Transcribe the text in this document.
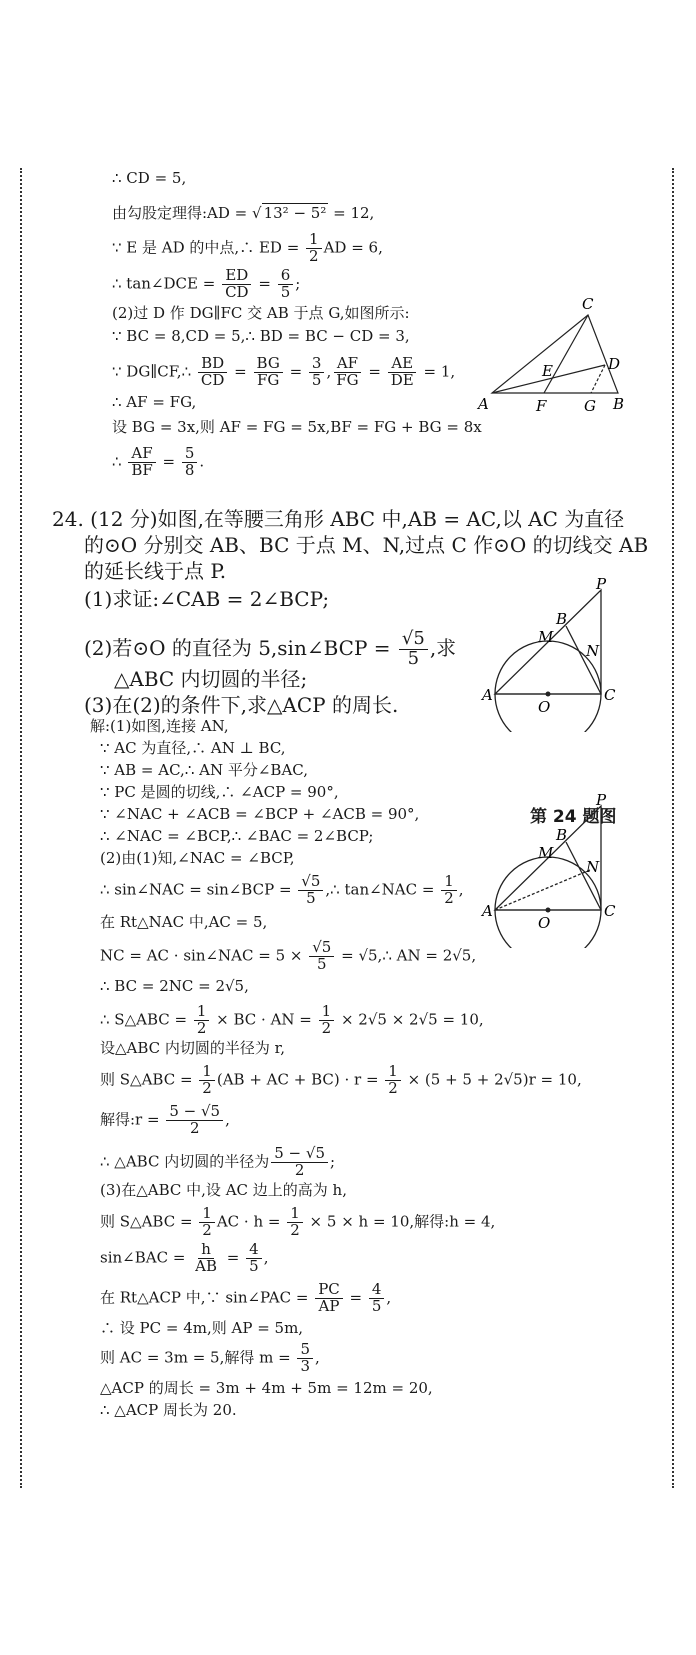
∴ CD = 5,
由勾股定理得:AD = √ 13² − 5² = 12,
∵ E 是 AD 的中点,∴ ED = $\frac{1}{2}$ AD = 6,
∴ tan∠DCE = $\frac{ED}{CD} = \frac{6}{5}$ ;
(2)过 D 作 DG∥FC 交 AB 于点 G,如图所示:
∵ BC = 8,CD = 5,∴ BD = BC − CD = 3,
∵ DG∥CF,∴ $\frac{BD}{CD} = \frac{BG}{FG} = \frac{3}{5}$ , $\frac{AF}{FG} = \frac{AE}{DE} = 1$,
∴ AF = FG,
设 BG = 3x,则 AF = FG = 5x,BF = FG + BG = 8x
∴ $\frac{AF}{BF} = \frac{5}{8}$ .
C
D
E
A	F	G B
24. (12 分)如图,在等腰三角形 ABC 中,AB = AC,以 AC 为直径
的⊙O 分别交 AB、BC 于点 M、N,过点 C 作⊙O 的切线交 AB
的延长线于点 P.
(1)求证:∠CAB = 2∠BCP;
(2)若⊙O 的直径为 5,sin∠BCP = $\frac{√5}{5}$ ,求
△ABC 内切圆的半径;
(3)在(2)的条件下,求△ACP 的周长.
P
B
M
N
A
O
C
第 24 题图
P
B
M
N
A
O
C
解:(1)如图,连接 AN,
∵ AC 为直径,∴ AN ⊥ BC,
∵ AB = AC,∴ AN 平分∠BAC,
∵ PC 是圆的切线,∴ ∠ACP = 90°,
∵ ∠NAC + ∠ACB = ∠BCP + ∠ACB = 90°,
∴ ∠NAC = ∠BCP,∴ ∠BAC = 2∠BCP;
(2)由(1)知,∠NAC = ∠BCP,
∴ sin∠NAC = sin∠BCP = $\frac{√5}{5}$ ,∴ tan∠NAC = $\frac{1}{2}$ ,
在 Rt△NAC 中,AC = 5,
NC = AC · sin∠NAC = $5 \times \frac{√5}{5}$ = √5,∴ AN = 2√5,
∴ BC = 2NC = 2√5,
∴ S△ABC = $\frac{1}{2}$ × BC · AN = $\frac{1}{2} \times 2√5 \times 2√5 = 10$,
设△ABC 内切圆的半径为 r,
则 S△ABC = $\frac{1}{2} (AB$ + AC + $BC) \cdot r = \frac{1}{2} \times (5 + 5 + 2√5)r = 10$,
解得:r = $\frac{5 - √5}{2}$ ,
∴ △ABC 内切圆的半径为 $\frac{5 - √5}{2}$ ;
(3)在△ABC 中,设 AC 边上的高为 h,
则 S△ABC = $\frac{1}{2}$ AC · $h = \frac{1}{2} \times 5 \times h = 10$,解得:h = 4,
sin∠BAC = $\frac{h}{AB} = \frac{4}{5}$ ,
在 Rt△ACP 中,∵ sin∠PAC = $\frac{PC}{AP} = \frac{4}{5}$ ,
∴ 设 PC = 4m,则 AP = 5m,
则 AC = 3m = 5,解得 $m = \frac{5}{3}$ ,
△ACP 的周长 = 3m + 4m + 5m = 12m = 20,
∴ △ACP 周长为 20.
